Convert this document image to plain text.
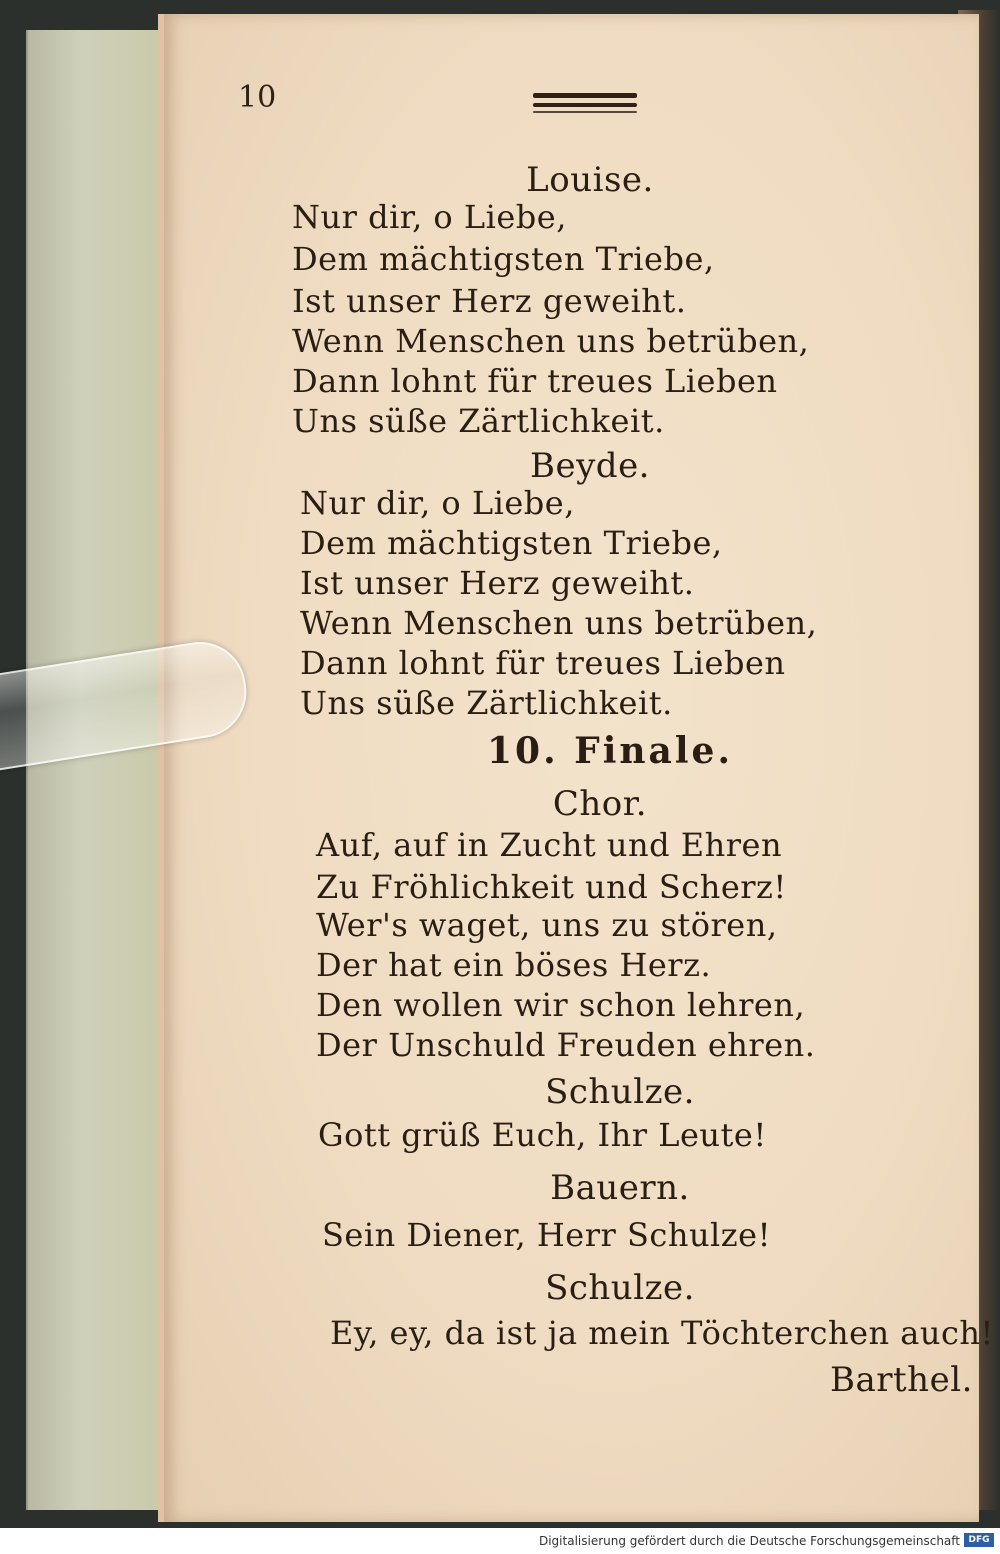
10
Louise.
Nur dir, o Liebe,
Dem mächtigsten Triebe,
Ist unser Herz geweiht.
Wenn Menschen uns betrüben,
Dann lohnt für treues Lieben
Uns süße Zärtlichkeit.
Beyde.
Nur dir, o Liebe,
Dem mächtigsten Triebe,
Ist unser Herz geweiht.
Wenn Menschen uns betrüben,
Dann lohnt für treues Lieben
Uns süße Zärtlichkeit.
10. Finale.
Chor.
Auf, auf in Zucht und Ehren
Zu Fröhlichkeit und Scherz!
Wer's waget, uns zu stören,
Der hat ein böses Herz.
Den wollen wir schon lehren,
Der Unschuld Freuden ehren.
Schulze.
Gott grüß Euch, Ihr Leute!
Bauern.
Sein Diener, Herr Schulze!
Schulze.
Ey, ey, da ist ja mein Töchterchen auch!
Barthel.
Digitalisierung gefördert durch die Deutsche Forschungsgemeinschaft DFG
